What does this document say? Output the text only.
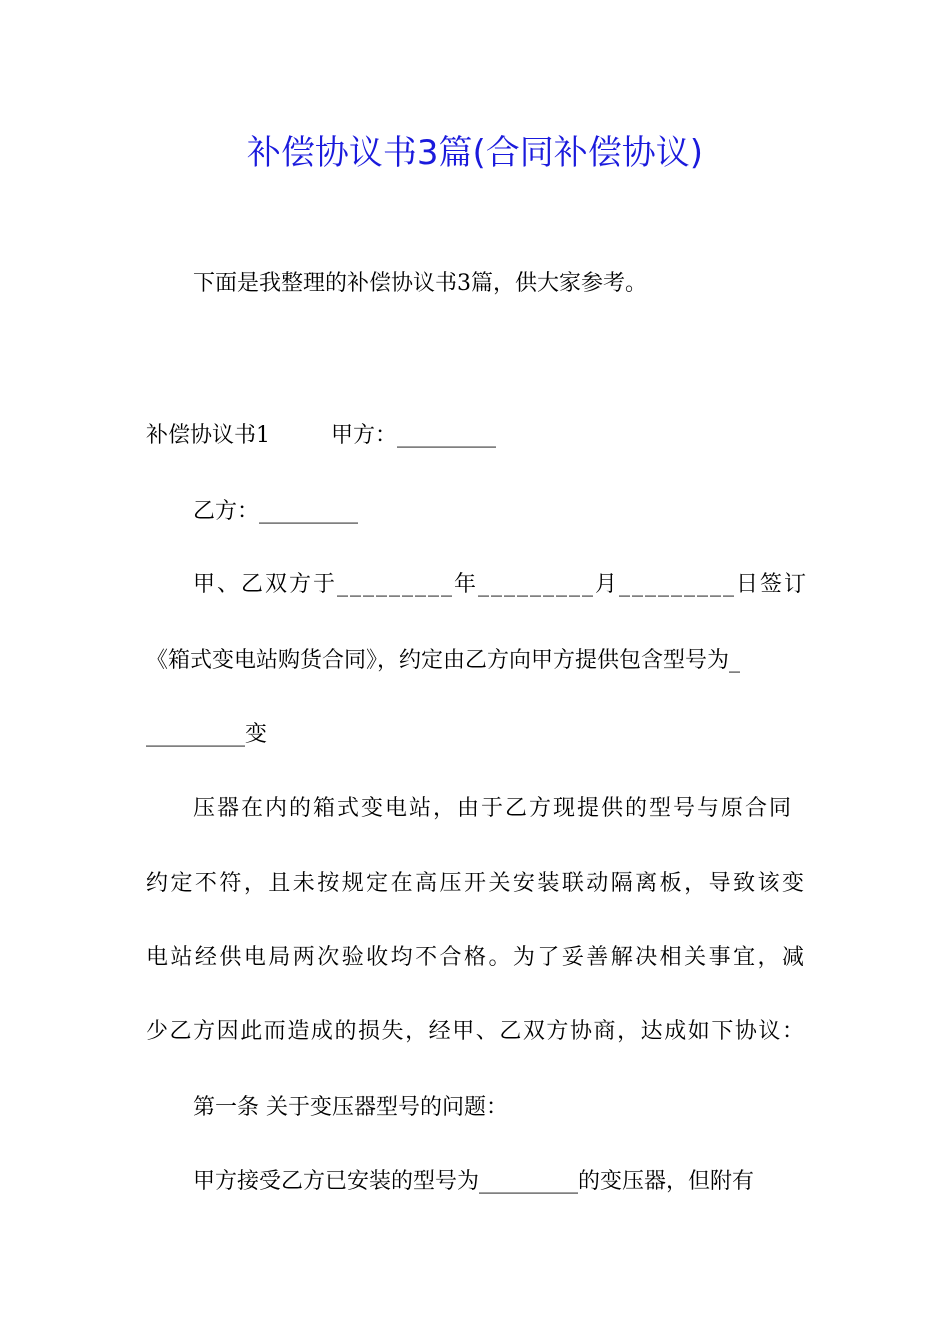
补偿协议书3篇(合同补偿协议)
下面是我整理的补偿协议书3篇，供大家参考。
补偿协议书1	甲方：_________
乙方：_________
甲、乙双方于_________年_________月_________日签订
《箱式变电站购货合同》，约定由乙方向甲方提供包含型号为_
_________变
压器在内的箱式变电站，由于乙方现提供的型号与原合同
约定不符，且未按规定在高压开关安装联动隔离板，导致该变
电站经供电局两次验收均不合格。为了妥善解决相关事宜，减
少乙方因此而造成的损失，经甲、乙双方协商，达成如下协议：
第一条 关于变压器型号的问题：
甲方接受乙方已安装的型号为_________的变压器，但附有
